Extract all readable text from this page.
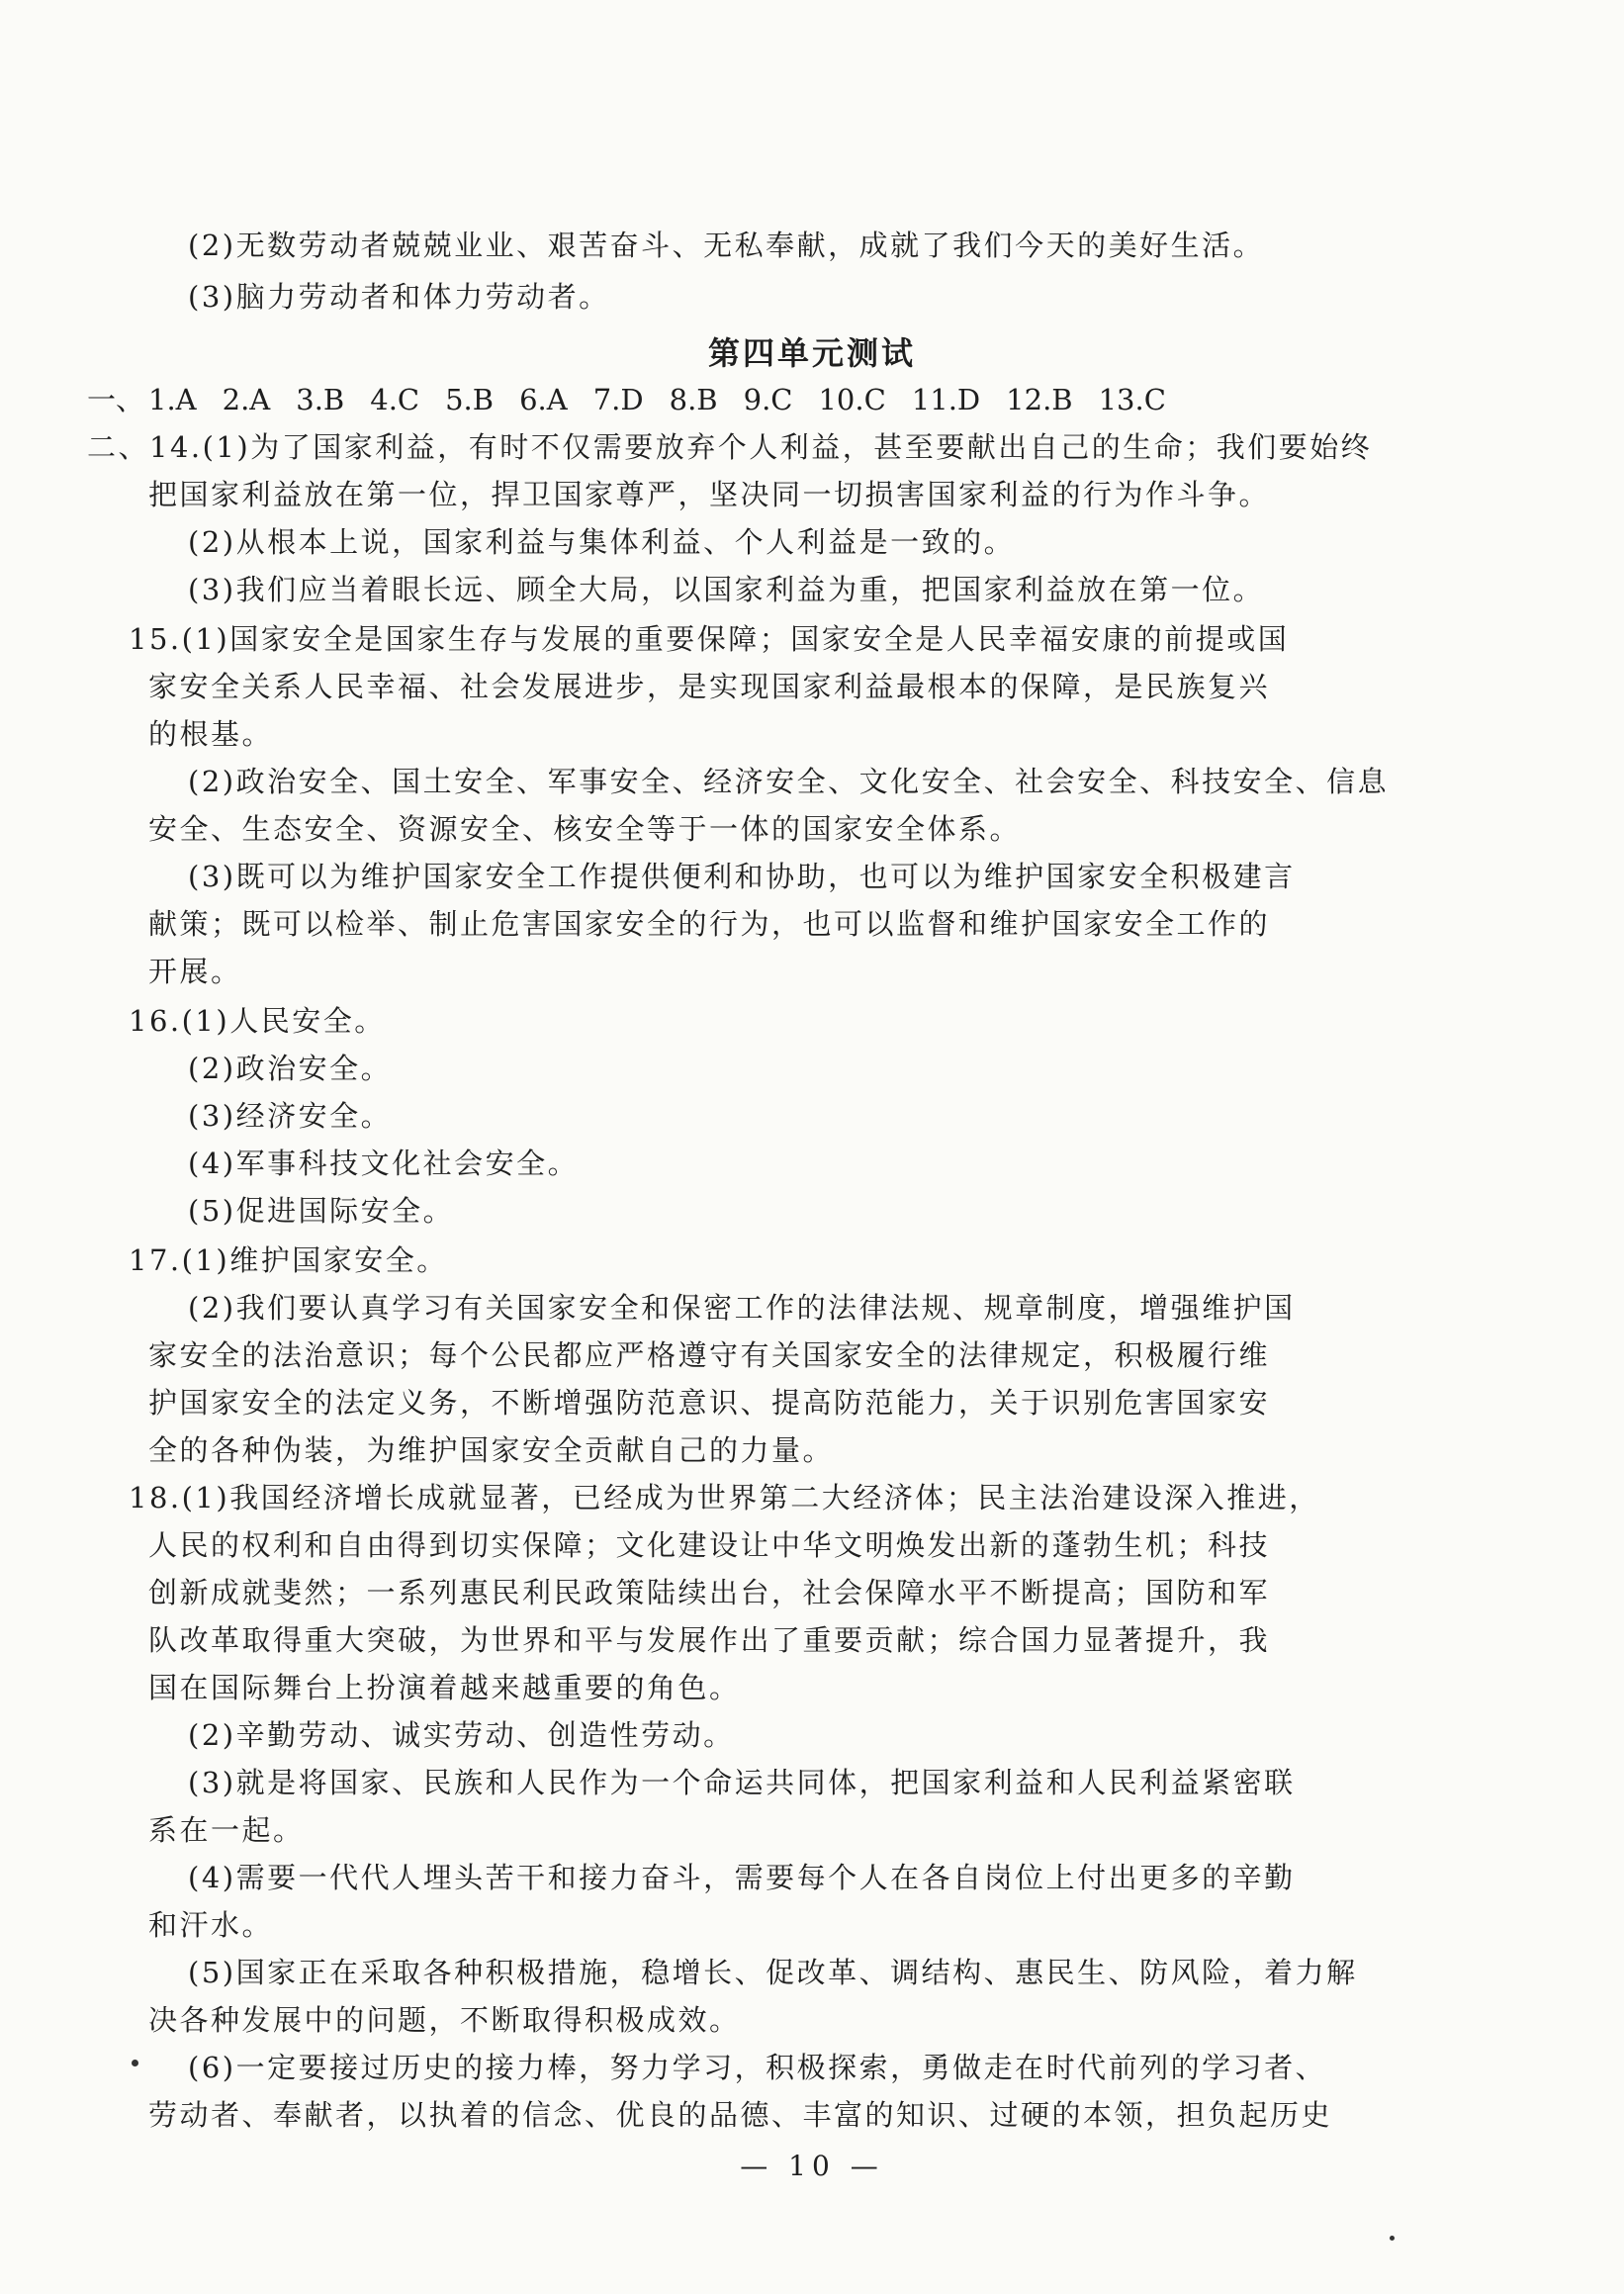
(2)无数劳动者兢兢业业、艰苦奋斗、无私奉献，成就了我们今天的美好生活。
(3)脑力劳动者和体力劳动者。
第四单元测试
一、 1.A 2.A 3.B 4.C 5.B 6.A 7.D 8.B 9.C 10.C 11.D 12.B 13.C
二、14.(1)为了国家利益，有时不仅需要放弃个人利益，甚至要献出自己的生命；我们要始终
把国家利益放在第一位，捍卫国家尊严，坚决同一切损害国家利益的行为作斗争。
(2)从根本上说，国家利益与集体利益、个人利益是一致的。
(3)我们应当着眼长远、顾全大局，以国家利益为重，把国家利益放在第一位。
15.(1)国家安全是国家生存与发展的重要保障；国家安全是人民幸福安康的前提或国
家安全关系人民幸福、社会发展进步，是实现国家利益最根本的保障，是民族复兴
的根基。
(2)政治安全、国土安全、军事安全、经济安全、文化安全、社会安全、科技安全、信息
安全、生态安全、资源安全、核安全等于一体的国家安全体系。
(3)既可以为维护国家安全工作提供便利和协助，也可以为维护国家安全积极建言
献策；既可以检举、制止危害国家安全的行为，也可以监督和维护国家安全工作的
开展。
16.(1)人民安全。
(2)政治安全。
(3)经济安全。
(4)军事科技文化社会安全。
(5)促进国际安全。
17.(1)维护国家安全。
(2)我们要认真学习有关国家安全和保密工作的法律法规、规章制度，增强维护国
家安全的法治意识；每个公民都应严格遵守有关国家安全的法律规定，积极履行维
护国家安全的法定义务，不断增强防范意识、提高防范能力，关于识别危害国家安
全的各种伪装，为维护国家安全贡献自己的力量。
18.(1)我国经济增长成就显著，已经成为世界第二大经济体；民主法治建设深入推进，
人民的权利和自由得到切实保障；文化建设让中华文明焕发出新的蓬勃生机；科技
创新成就斐然；一系列惠民利民政策陆续出台，社会保障水平不断提高；国防和军
队改革取得重大突破，为世界和平与发展作出了重要贡献；综合国力显著提升，我
国在国际舞台上扮演着越来越重要的角色。
(2)辛勤劳动、诚实劳动、创造性劳动。
(3)就是将国家、民族和人民作为一个命运共同体，把国家利益和人民利益紧密联
系在一起。
(4)需要一代代人埋头苦干和接力奋斗，需要每个人在各自岗位上付出更多的辛勤
和汗水。
(5)国家正在采取各种积极措施，稳增长、促改革、调结构、惠民生、防风险，着力解
决各种发展中的问题，不断取得积极成效。
(6)一定要接过历史的接力棒，努力学习，积极探索，勇做走在时代前列的学习者、
劳动者、奉献者，以执着的信念、优良的品德、丰富的知识、过硬的本领，担负起历史
— 10 —
